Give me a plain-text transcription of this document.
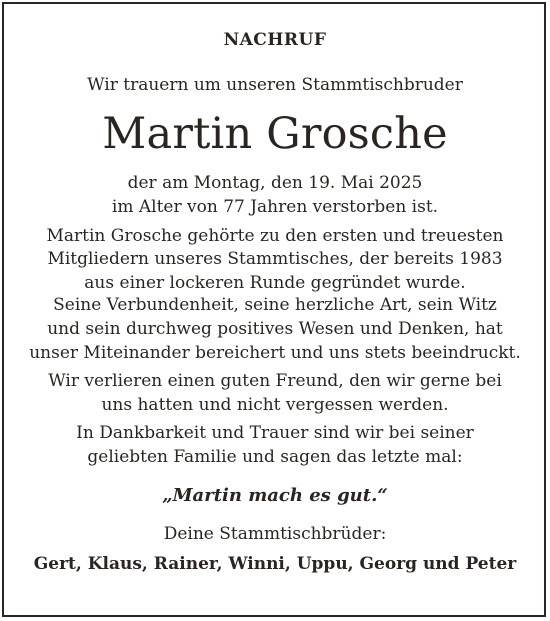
NACHRUF
Wir trauern um unseren Stammtischbruder
Martin Grosche
der am Montag, den 19. Mai 2025
im Alter von 77 Jahren verstorben ist.
Martin Grosche gehörte zu den ersten und treuesten
Mitgliedern unseres Stammtisches, der bereits 1983
aus einer lockeren Runde gegründet wurde.
Seine Verbundenheit, seine herzliche Art, sein Witz
und sein durchweg positives Wesen und Denken, hat
unser Miteinander bereichert und uns stets beeindruckt.
Wir verlieren einen guten Freund, den wir gerne bei
uns hatten und nicht vergessen werden.
In Dankbarkeit und Trauer sind wir bei seiner
geliebten Familie und sagen das letzte mal:
„Martin mach es gut.“
Deine Stammtischbrüder:
Gert, Klaus, Rainer, Winni, Uppu, Georg und Peter
